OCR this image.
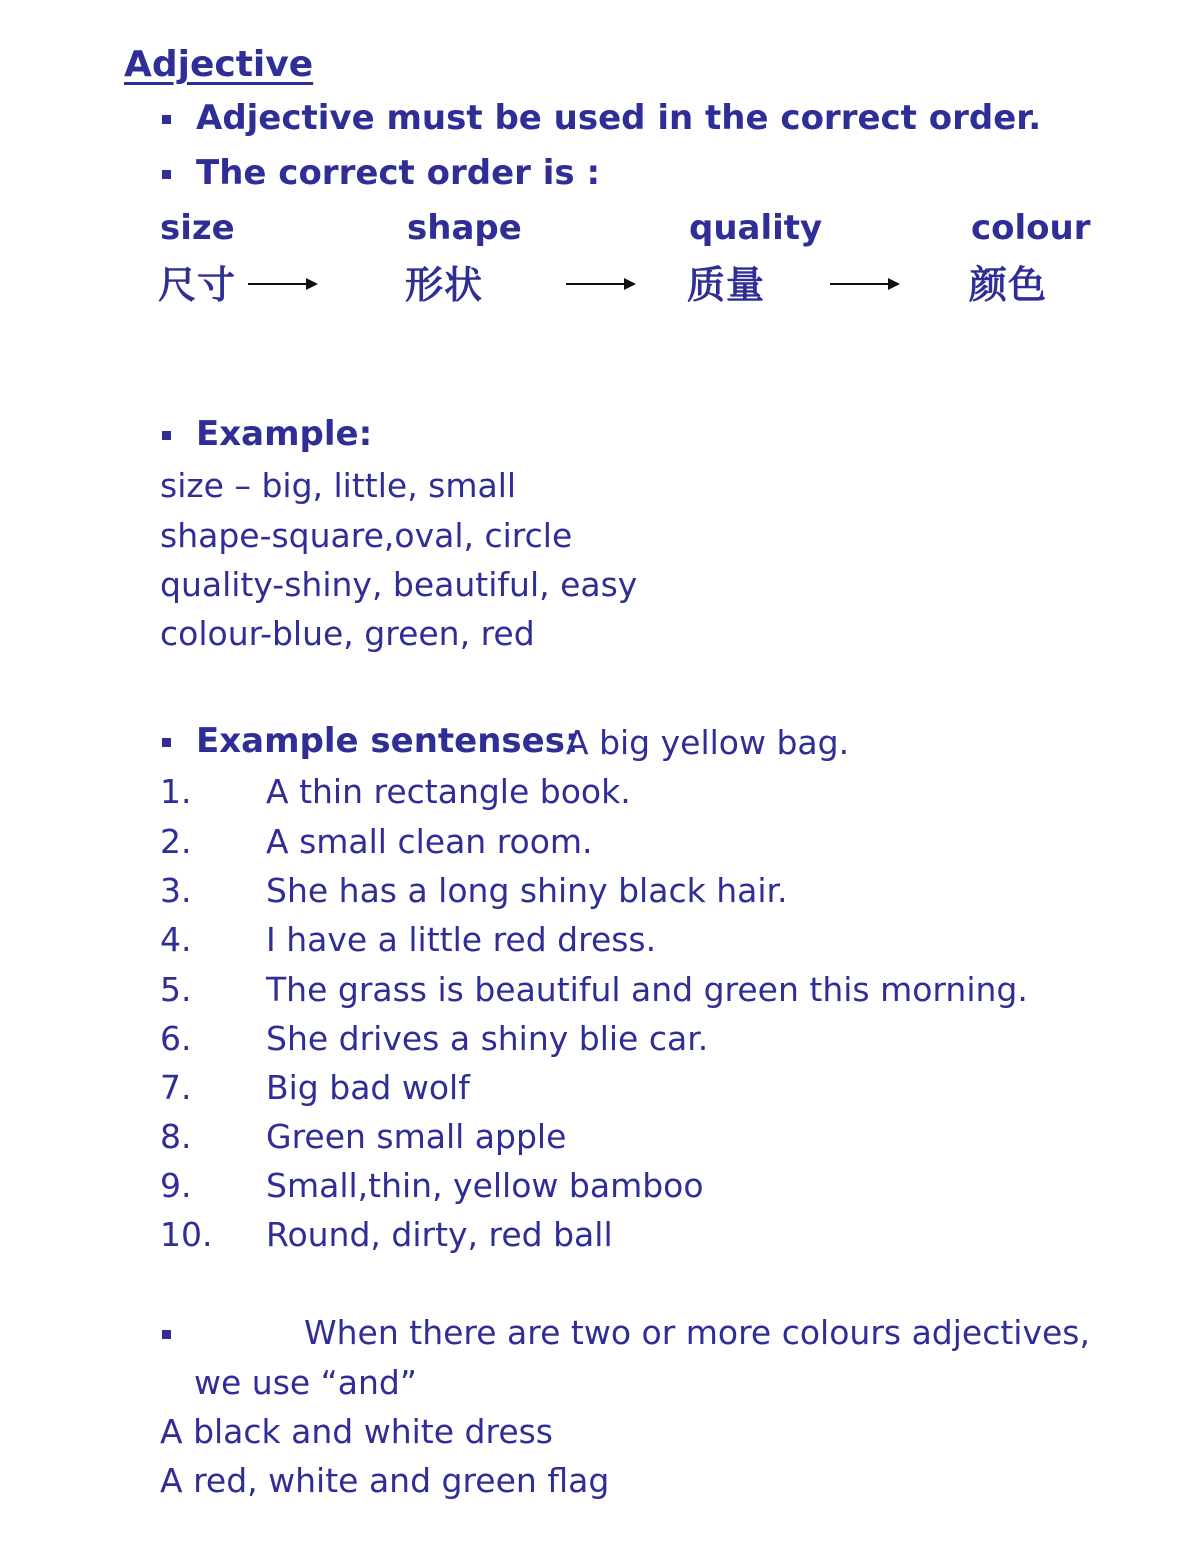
Adjective
Adjective must be used in the correct order.
The correct order is :
size
尺寸
shape
形状
quality
质量
colour
颜色
Example:
size – big, little, small
shape-square,oval, circle
quality-shiny, beautiful, easy
colour-blue, green, red
Example sentenses:
A big yellow bag.
1. A thin rectangle book.
2. A small clean room.
3. She has a long shiny black hair.
4. I have a little red dress.
5. The grass is beautiful and green this morning.
6. She drives a shiny blie car.
7. Big bad wolf
8. Green small apple
9. Small,thin, yellow bamboo
10. Round, dirty, red ball
When there are two or more colours adjectives,
we use “and”
A black and white dress
A red, white and green flag
